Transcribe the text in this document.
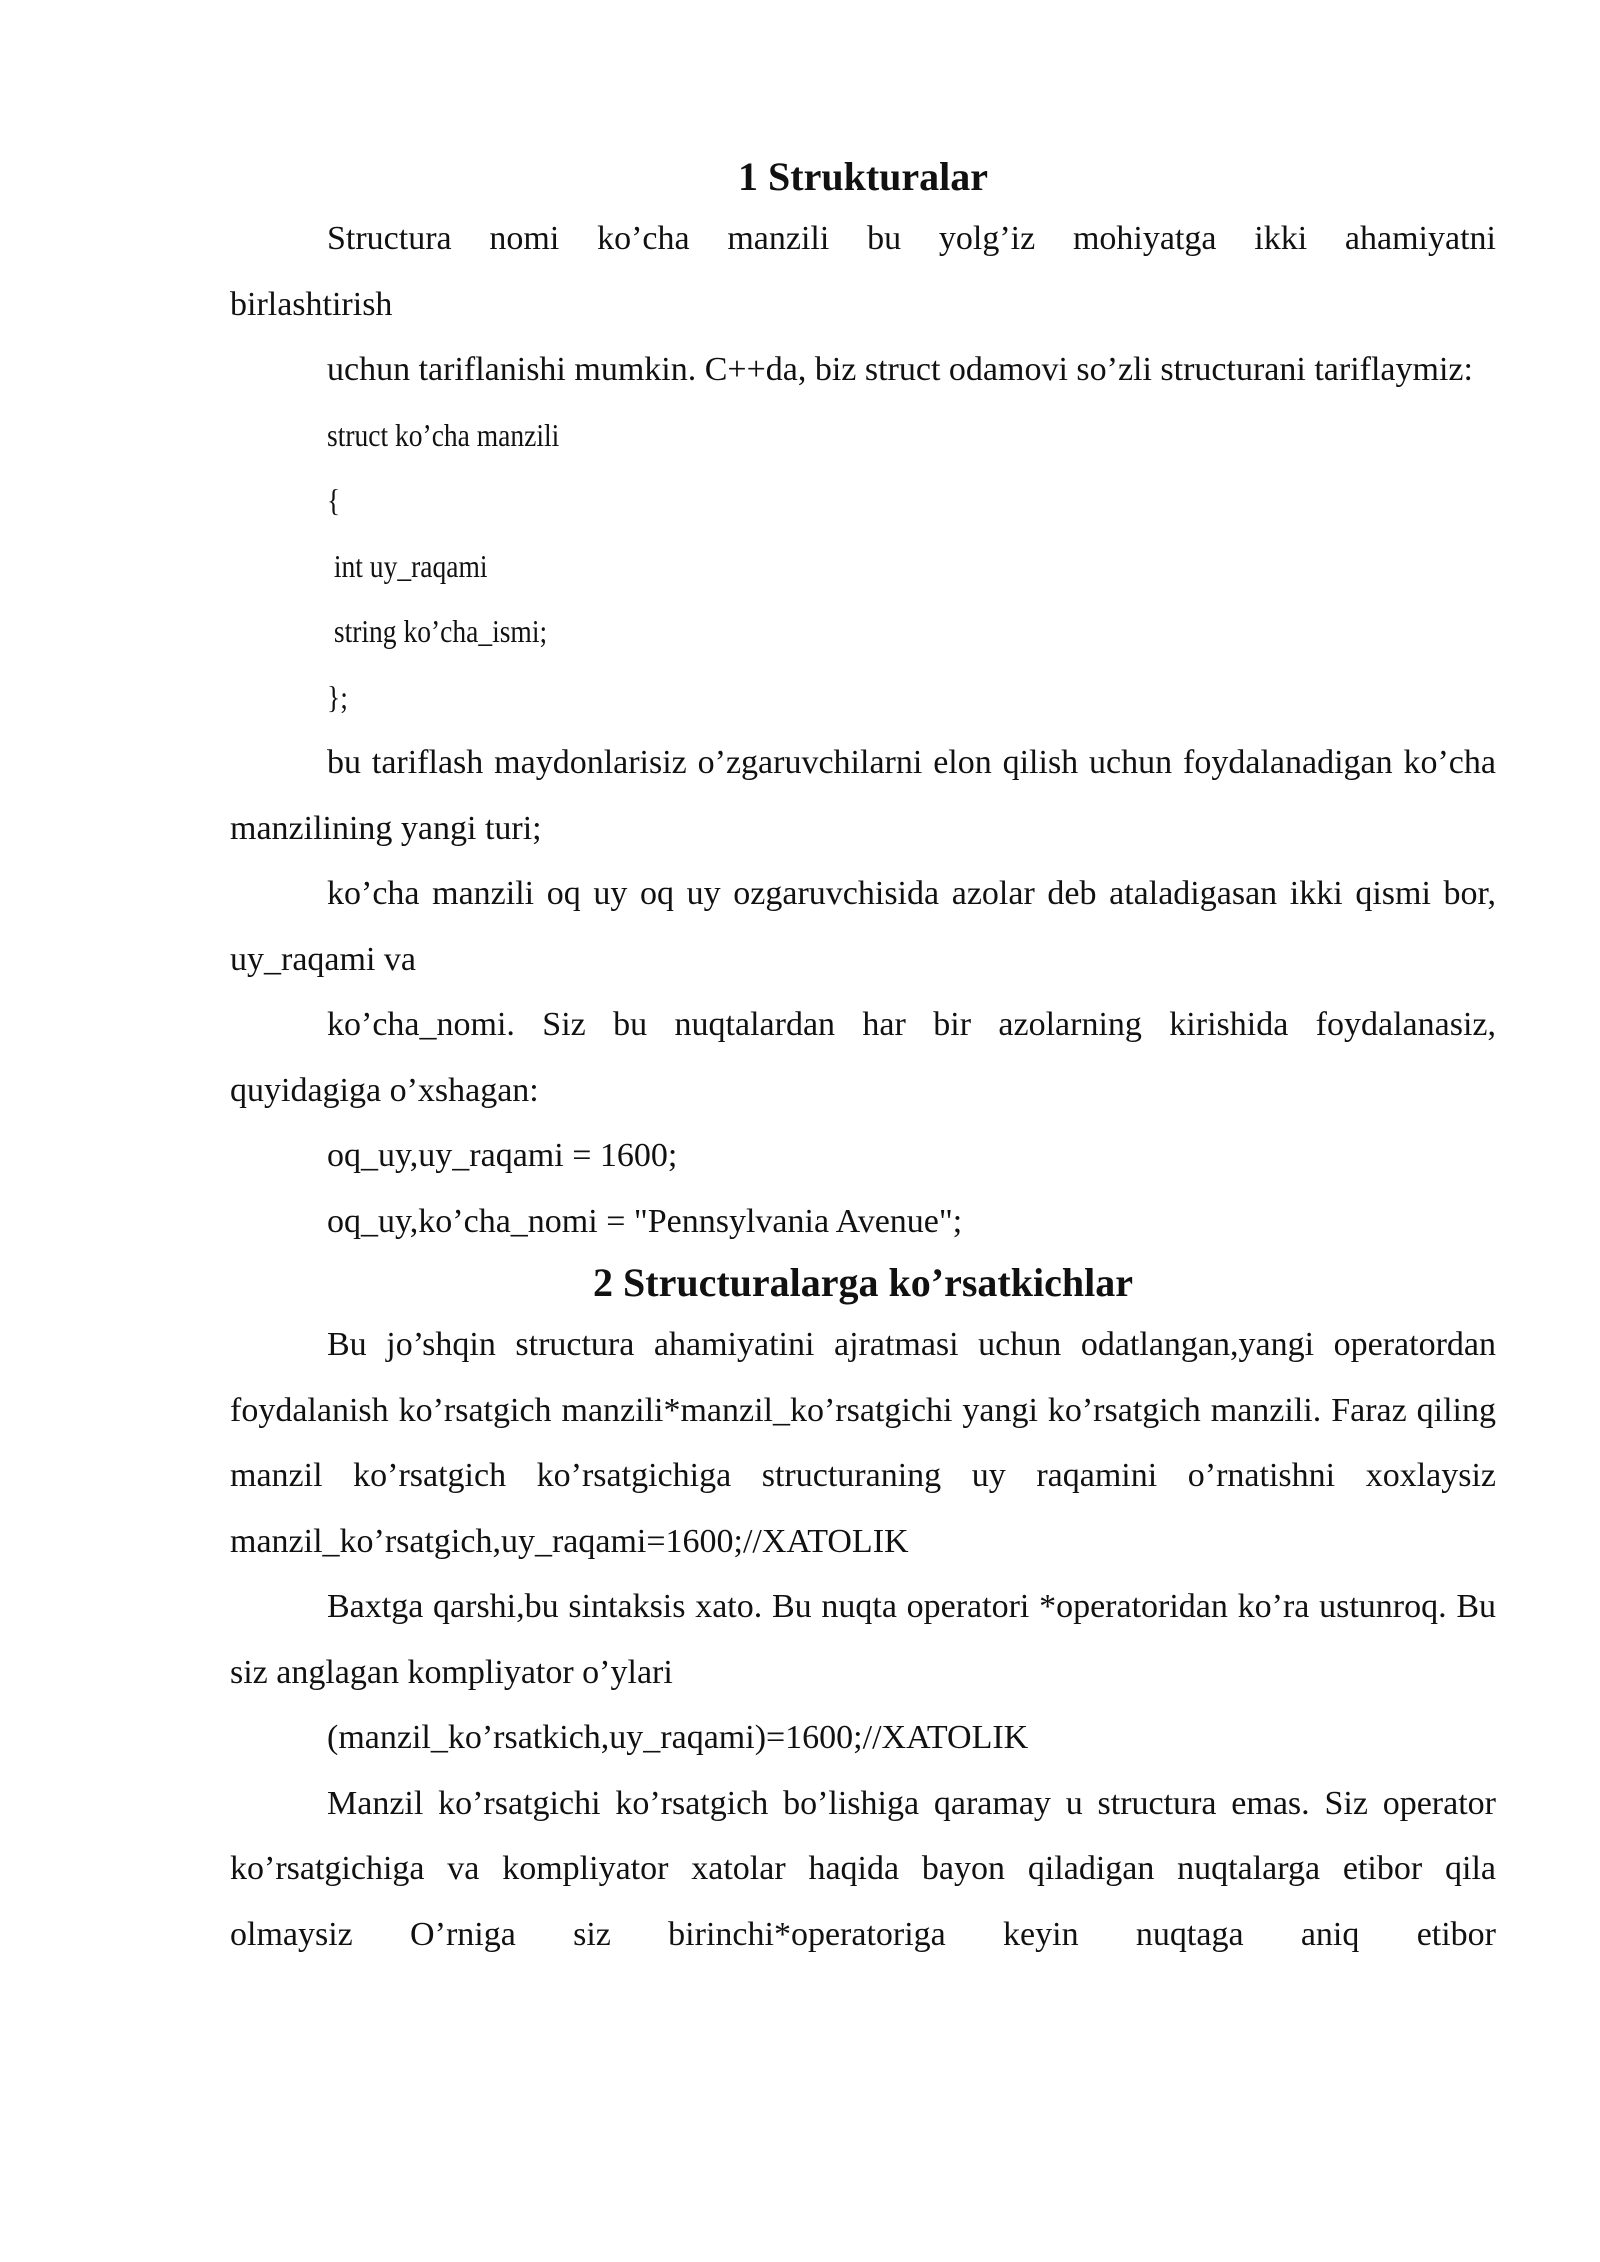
1 Strukturalar

Structura nomi ko’cha manzili bu yolg’iz mohiyatga ikki ahamiyatni

birlashtirish

uchun tariflanishi mumkin. C++da, biz struct odamovi so’zli structurani tariflaymiz:

struct ko’cha manzili

{

int uy_raqami

string ko’cha_ismi;

};

bu tariflash maydonlarisiz o’zgaruvchilarni elon qilish uchun foydalanadigan ko’cha manzilining yangi turi;

ko’cha manzili oq uy oq uy ozgaruvchisida azolar deb ataladigasan ikki qismi bor, uy_raqami va

ko’cha_nomi. Siz bu nuqtalardan har bir azolarning kirishida foydalanasiz, quyidagiga o’xshagan:

oq_uy,uy_raqami = 1600;

oq_uy,ko’cha_nomi = "Pennsylvania Avenue";

2 Structuralarga ko’rsatkichlar

Bu jo’shqin structura ahamiyatini ajratmasi uchun odatlangan,yangi operatordan foydalanish ko’rsatgich manzili*manzil_ko’rsatgichi yangi ko’rsatgich manzili. Faraz qiling manzil ko’rsatgich ko’rsatgichiga structuraning uy raqamini o’rnatishni xoxlaysiz manzil_ko’rsatgich,uy_raqami=1600;//XATOLIK

Baxtga qarshi,bu sintaksis xato. Bu nuqta operatori *operatoridan ko’ra ustunroq. Bu siz anglagan kompliyator o’ylari

(manzil_ko’rsatkich,uy_raqami)=1600;//XATOLIK

Manzil ko’rsatgichi ko’rsatgich bo’lishiga qaramay u structura emas. Siz operator ko’rsatgichiga va kompliyator xatolar haqida bayon qiladigan nuqtalarga etibor qila olmaysiz O’rniga siz birinchi*operatoriga keyin nuqtaga aniq etibor
